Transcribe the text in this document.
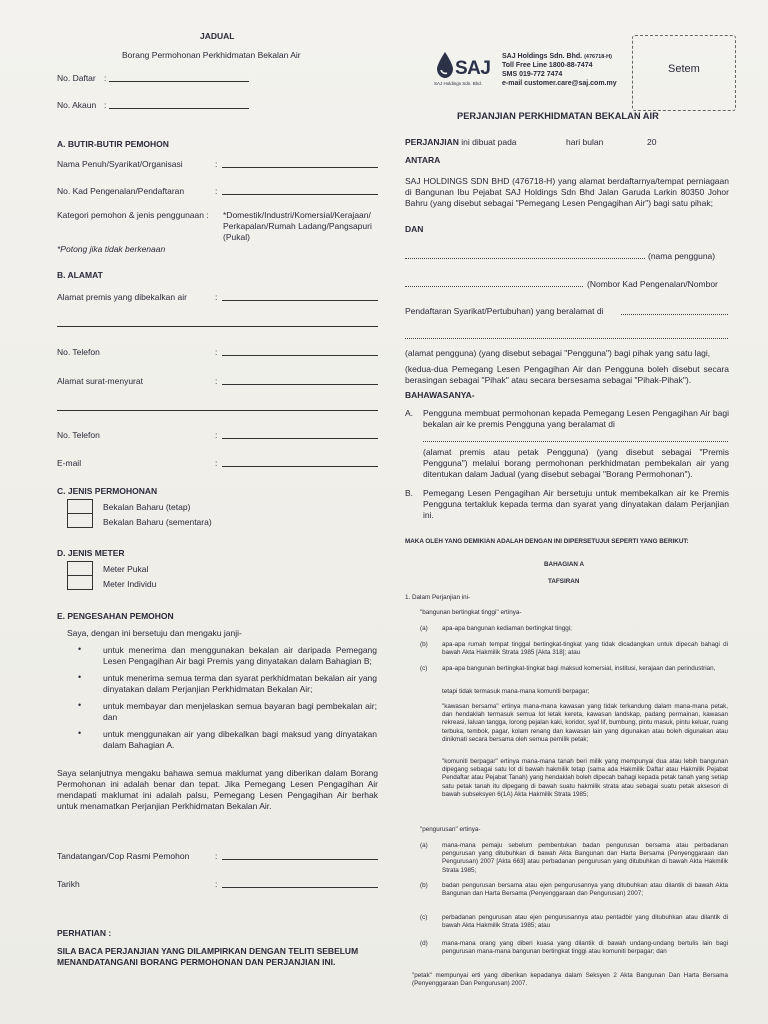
JADUAL
Borang Permohonan Perkhidmatan Bekalan Air
No. Daftar :
No. Akaun :
A. BUTIR-BUTIR PEMOHON
Nama Penuh/Syarikat/Organisasi	:
No. Kad Pengenalan/Pendaftaran	:
Kategori pemohon & jenis penggunaan : *Domestik/Industri/Komersial/Kerajaan/
Perkapalan/Rumah Ladang/Pangsapuri
(Pukal)
*Potong jika tidak berkenaan
B. ALAMAT
Alamat premis yang dibekalkan air	:
No. Telefon	:
Alamat surat-menyurat	:
No. Telefon	:
E-mail	:
C. JENIS PERMOHONAN
Bekalan Baharu (tetap)
Bekalan Baharu (sementara)
D. JENIS METER
Meter Pukal
Meter Individu
E. PENGESAHAN PEMOHON
Saya, dengan ini bersetuju dan mengaku janji-
•	untuk menerima dan menggunakan bekalan air daripada Pemegang Lesen Pengagihan Air bagi Premis yang dinyatakan dalam Bahagian B;
•	untuk menerima semua terma dan syarat perkhidmatan bekalan air yang dinyatakan dalam Perjanjian Perkhidmatan Bekalan Air;
•	untuk membayar dan menjelaskan semua bayaran bagi pembekalan air; dan
•	untuk menggunakan air yang dibekalkan bagi maksud yang dinyatakan dalam Bahagian A.
Saya selanjutnya mengaku bahawa semua maklumat yang diberikan dalam Borang Permohonan ini adalah benar dan tepat. Jika Pemegang Lesen Pengagihan Air mendapati maklumat ini adalah palsu, Pemegang Lesen Pengagihan Air berhak untuk menamatkan Perjanjian Perkhidmatan Bekalan Air.
Tandatangan/Cop Rasmi Pemohon	:
Tarikh	:
PERHATIAN :
SILA BACA PERJANJIAN YANG DILAMPIRKAN DENGAN TELITI SEBELUM MENANDATANGANI BORANG PERMOHONAN DAN PERJANJIAN INI.
SAJ
SAJ Holdings Sdn. Bhd.
SAJ Holdings Sdn. Bhd. (476718-H)
Toll Free Line 1800-88-7474
SMS 019-772 7474
e-mail customer.care@saj.com.my
Setem
PERJANJIAN PERKHIDMATAN BEKALAN AIR
PERJANJIAN ini dibuat pada	hari bulan	20
ANTARA
SAJ HOLDINGS SDN BHD (476718-H) yang alamat berdaftarnya/tempat perniagaan di Bangunan Ibu Pejabat SAJ Holdings Sdn Bhd Jalan Garuda Larkin 80350 Johor Bahru (yang disebut sebagai "Pemegang Lesen Pengagihan Air") bagi satu pihak;
DAN
(nama pengguna)
(Nombor Kad Pengenalan/Nombor
Pendaftaran Syarikat/Pertubuhan) yang beralamat di
(alamat pengguna) (yang disebut sebagai "Pengguna") bagi pihak yang satu lagi,
(kedua-dua Pemegang Lesen Pengagihan Air dan Pengguna boleh disebut secara berasingan sebagai "Pihak" atau secara bersesama sebagai "Pihak-Pihak").
BAHAWASANYA-
A. Pengguna membuat permohonan kepada Pemegang Lesen Pengagihan Air bagi bekalan air ke premis Pengguna yang beralamat di
(alamat premis atau petak Pengguna) (yang disebut sebagai "Premis Pengguna") melalui borang permohonan perkhidmatan pembekalan air yang ditentukan dalam Jadual (yang disebut sebagai "Borang Permohonan").
B. Pemegang Lesen Pengagihan Air bersetuju untuk membekalkan air ke Premis Pengguna tertakluk kepada terma dan syarat yang dinyatakan dalam Perjanjian ini.
MAKA OLEH YANG DEMIKIAN ADALAH DENGAN INI DIPERSETUJUI SEPERTI YANG BERIKUT:
BAHAGIAN A
TAFSIRAN
1. Dalam Perjanjian ini-
"bangunan bertingkat tinggi" ertinya-
(a) apa-apa bangunan kediaman bertingkat tinggi;
(b) apa-apa rumah tempat tinggal bertingkat-tingkat yang tidak dicadangkan untuk dipecah bahagi di bawah Akta Hakmilik Strata 1985 [Akta 318]; atau
(c) apa-apa bangunan bertingkat-tingkat bagi maksud komersial, institusi, kerajaan dan perindustrian,
tetapi tidak termasuk mana-mana komuniti berpagar;
"kawasan bersama" ertinya mana-mana kawasan yang tidak terkandung dalam mana-mana petak, dan hendaklah termasuk semua lot letak kereta, kawasan landskap, padang permainan, kawasan rekreasi, laluan tangga, lorong pejalan kaki, koridor, syaf lif, bumbung, pintu masuk, pintu keluar, ruang terbuka, tembok, pagar, kolam renang dan kawasan lain yang digunakan atau boleh digunakan atau dinikmati secara bersama oleh semua pemilik petak;
"komuniti berpagar" ertinya mana-mana tanah beri milik yang mempunyai dua atau lebih bangunan dipegang sebagai satu lot di bawah hakmilik tetap (sama ada Hakmilik Daftar atau Hakmilik Pejabat Pendaftar atau Pejabat Tanah) yang hendaklah boleh dipecah bahagi kepada petak tanah yang setiap satu petak tanah itu dipegang di bawah suatu hakmilik strata atau sebagai suatu petak aksesori di bawah subseksyen 6(1A) Akta Hakmilik Strata 1985;
"pengurusan" ertinya-
(a) mana-mana pemaju sebelum pembentukan badan pengurusan bersama atau perbadanan pengurusan yang ditubuhkan di bawah Akta Bangunan dan Harta Bersama (Penyenggaraan dan Pengurusan) 2007 [Akta 663] atau perbadanan pengurusan yang ditubuhkan di bawah Akta Hakmilik Strata 1985;
(b) badan pengurusan bersama atau ejen pengurusannya yang ditubuhkan atau dilantik di bawah Akta Bangunan dan Harta Bersama (Penyenggaraan dan Pengurusan) 2007;
(c) perbadanan pengurusan atau ejen pengurusannya atau pentadbir yang ditubuhkan atau dilantik di bawah Akta Hakmilik Strata 1985; atau
(d) mana-mana orang yang diberi kuasa yang dilantik di bawah undang-undang bertulis lain bagi pengurusan mana-mana bangunan bertingkat tinggi atau komuniti berpagar; dan
"petak" mempunyai erti yang diberikan kepadanya dalam Seksyen 2 Akta Bangunan Dan Harta Bersama (Penyenggaraan Dan Pengurusan) 2007.
